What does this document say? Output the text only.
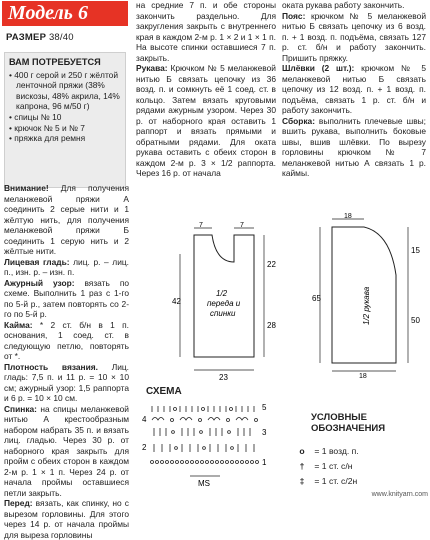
Модель 6
РАЗМЕР 38/40
ВАМ ПОТРЕБУЕТСЯ
• 400 г серой и 250 г жёлтой ленточной пряжи (38% вискозы, 48% акрила, 14% капрона, 96 м/50 г)
• спицы № 10
• крючок № 5 и № 7
• пряжка для ремня

Внимание! Для получения меланжевой пряжи А соединить 2 серые нити и 1 жёлтую нить, для получения меланжевой пряжи Б соединить 1 серую нить и 2 жёлтые нити.

Лицевая гладь: лиц. р. – лиц. п., изн. р. – изн. п.

Ажурный узор: вязать по схеме. Выполнить 1 раз с 1-го по 5-й р., затем повторять со 2-го по 5-й р.

Кайма: * 2 ст. б/н в 1 п. основания, 1 соед. ст. в следующую петлю, повторять от *.

Плотность вязания. Лиц. гладь: 7,5 п. и 11 р. = 10 × 10 см; ажурный узор: 1,5 раппорта и 6 р. = 10 × 10 см.

Спинка: на спицы меланжевой нитью А крестообразным набором набрать 35 п. и вязать лиц. гладью. Через 30 р. от наборного края закрыть для пройм с обеих сторон в каждом 2-м р. 1 × 1 п. Через 24 р. от начала проймы оставшиеся петли закрыть.

Перед: вязать, как спинку, но с вырезом горловины. Для этого через 14 р. от начала проймы для выреза горловины

на средние 7 п. и обе стороны закончить раздельно. Для закругления закрыть с внутреннего края в каждом 2-м р. 1 × 2 и 1 × 1 п. На высоте спинки оставшиеся 7 п. закрыть.

Рукава: Крючком № 5 меланжевой нитью Б связать цепочку из 36 возд. п. и сомкнуть её 1 соед. ст. в кольцо. Затем вязать круговыми рядами ажурным узором. Через 30 р. от наборного края оставить 1 раппорт и вязать прямыми и обратными рядами. Для оката рукава оставить с обеих сторон в каждом 2-м р. 3 × 1/2 раппорта. Через 16 р. от начала

оката рукава работу закончить.

Пояс: крючком № 5 меланжевой нитью Б связать цепочку из 6 возд. п. + 1 возд. п. подъёма, связать 127 р. ст. б/н и работу закончить. Пришить пряжку.

Шлёвки (2 шт.): крючком № 5 меланжевой нитью Б связать цепочку из 12 возд. п. + 1 возд. п. подъёма, связать 1 р. ст. б/н и работу закончить.

Сборка: выполнить плечевые швы; вшить рукава, выполнить боковые швы, вшив шлёвки. По вырезу горловины крючком № 7 меланжевой нитью А связать 1 р. каймы.

7	7
42
22
28
23
1/2
переда и
спинки
18
65
15
50
18
1/2 рукава
СХЕМА
5
4
3
2
1
MS
УСЛОВНЫЕ
ОБОЗНАЧЕНИЯ
o = 1 возд. п.
† = 1 ст. с/н
‡ = 1 ст. с/2н
www.knityarn.com
